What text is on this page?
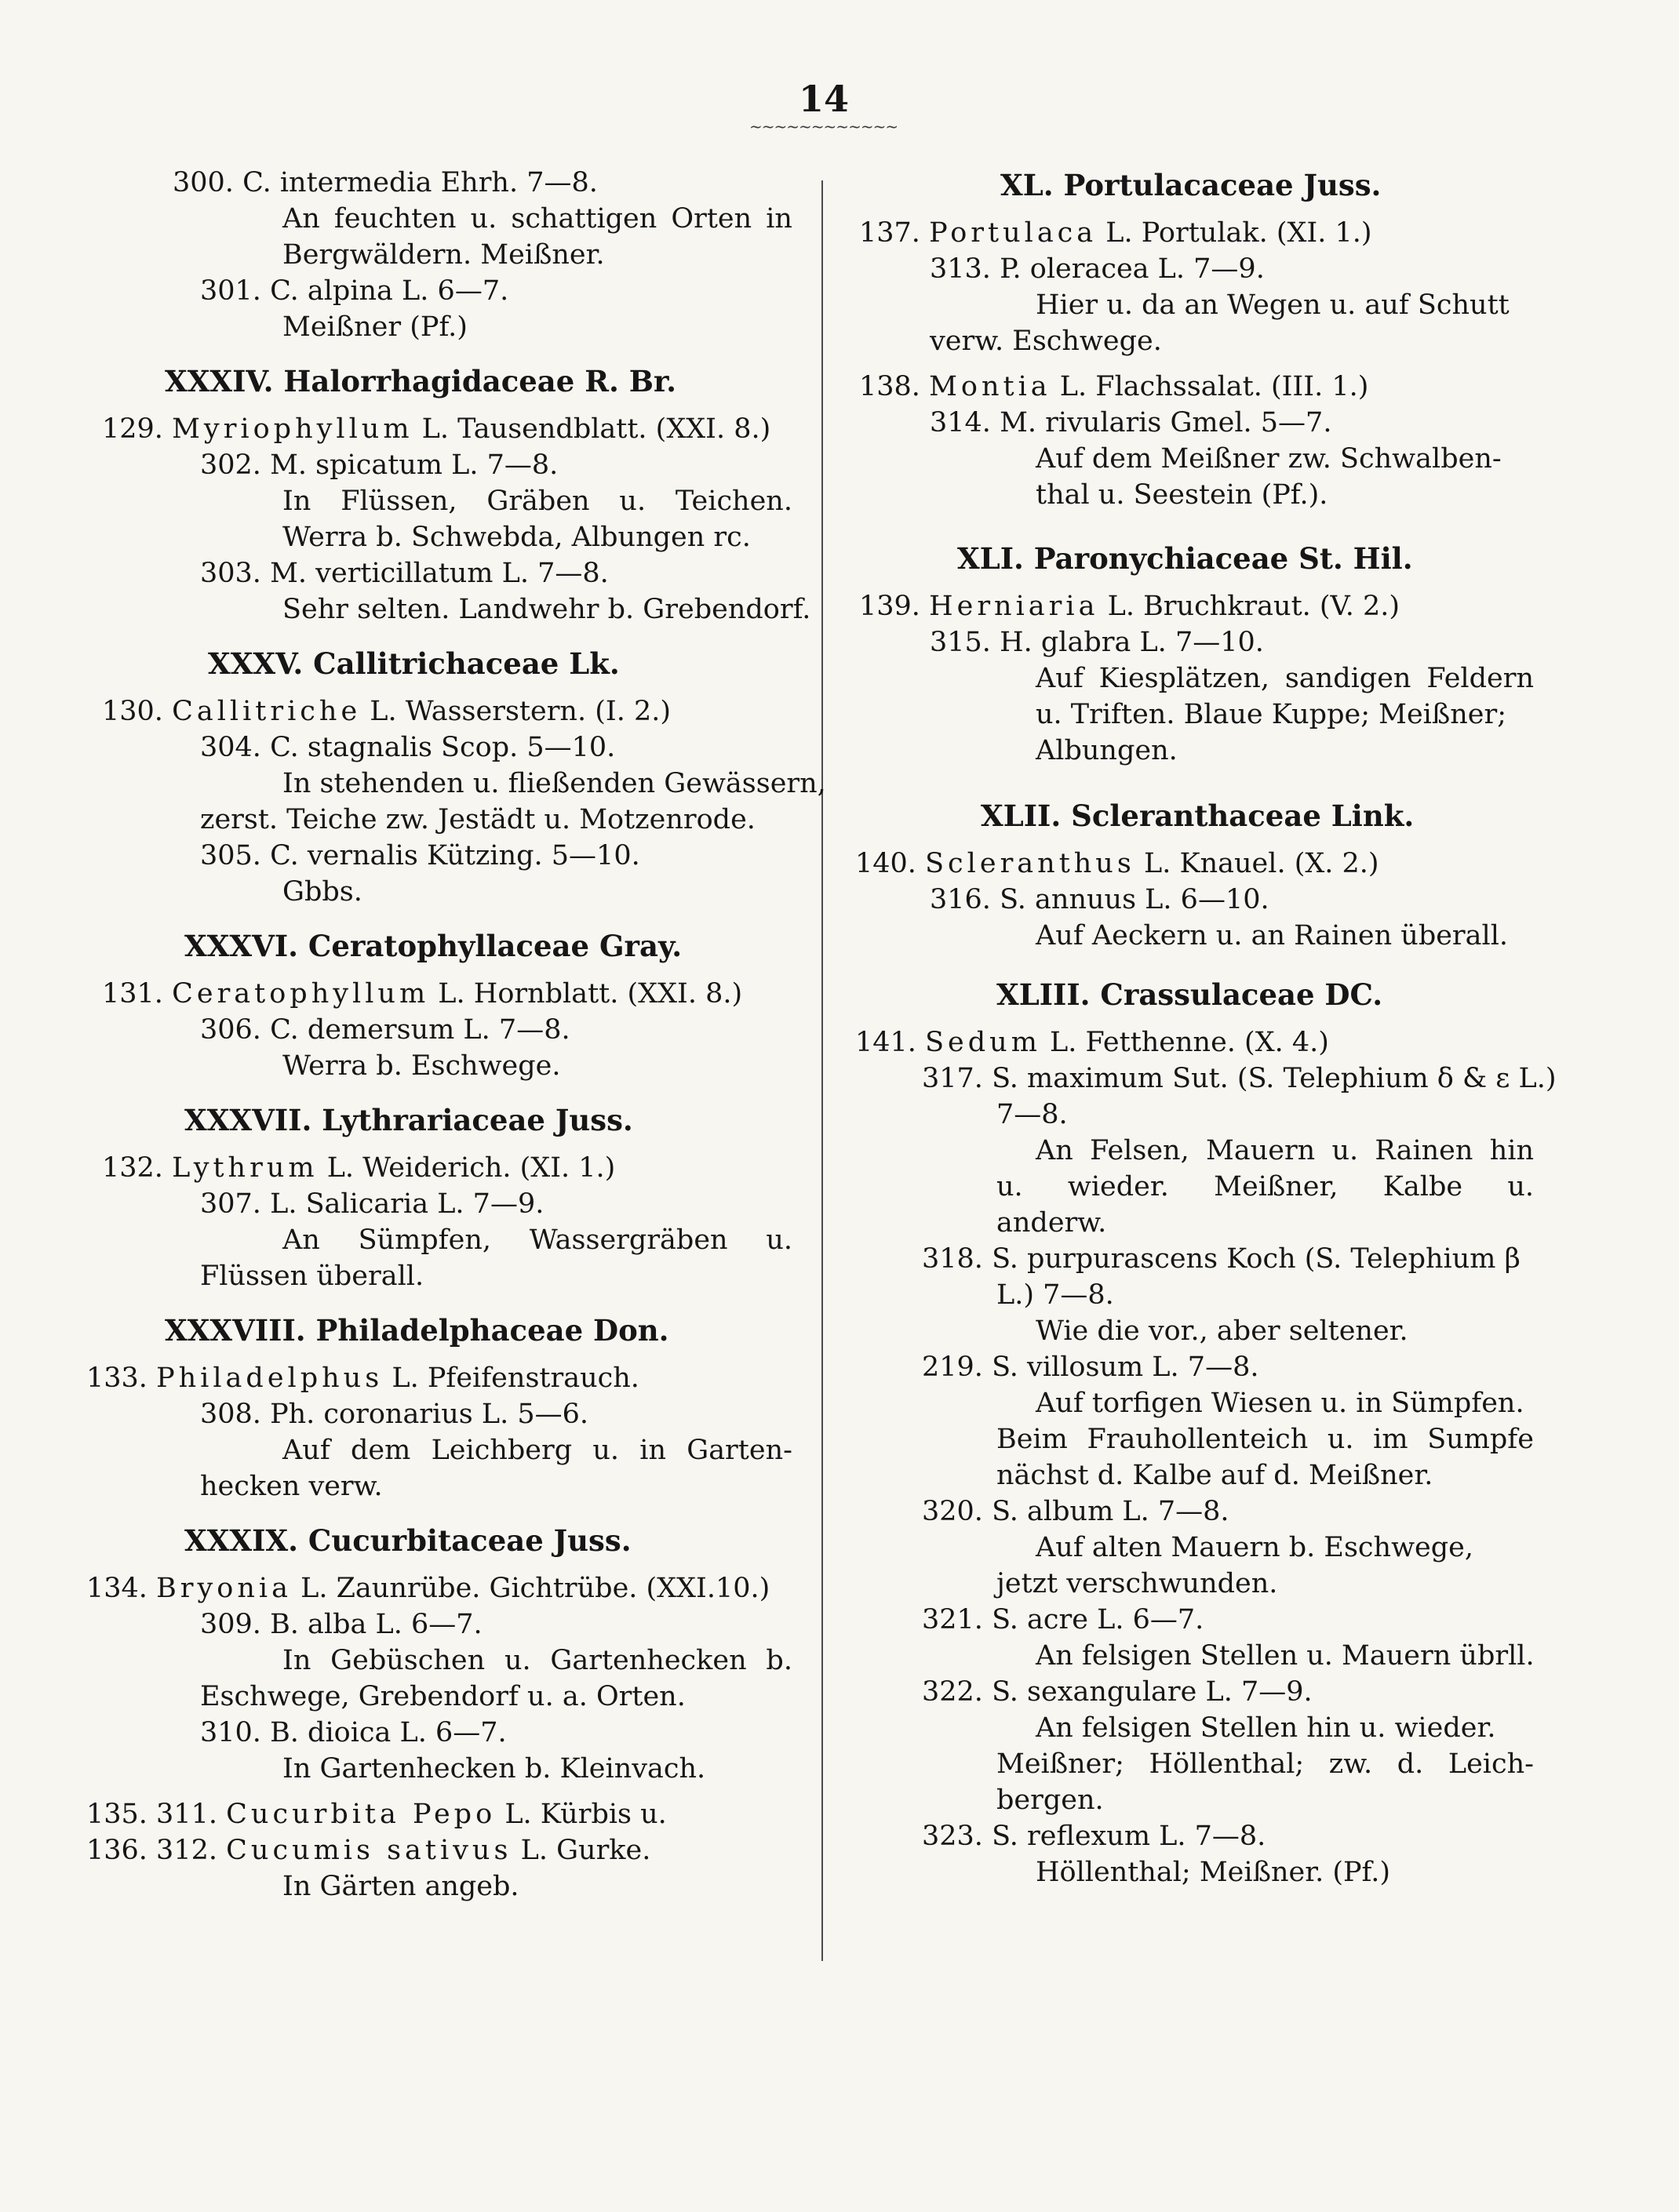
14
~~~~~~~~~~~~
300. C. intermedia Ehrh. 7—8.
An feuchten u. schattigen Orten in
Bergwäldern. Meißner.
301. C. alpina L. 6—7.
Meißner (Pf.)
XXXIV. Halorrhagidaceae R. Br.
129. Myriophyllum L. Tausendblatt. (XXI. 8.)
302. M. spicatum L. 7—8.
In Flüssen, Gräben u. Teichen.
Werra b. Schwebda, Albungen rc.
303. M. verticillatum L. 7—8.
Sehr selten. Landwehr b. Grebendorf.
XXXV. Callitrichaceae Lk.
130. Callitriche L. Wasserstern. (I. 2.)
304. C. stagnalis Scop. 5—10.
In stehenden u. fließenden Gewässern,
zerst. Teiche zw. Jestädt u. Motzenrode.
305. C. vernalis Kützing. 5—10.
Gbbs.
XXXVI. Ceratophyllaceae Gray.
131. Ceratophyllum L. Hornblatt. (XXI. 8.)
306. C. demersum L. 7—8.
Werra b. Eschwege.
XXXVII. Lythrariaceae Juss.
132. Lythrum L. Weiderich. (XI. 1.)
307. L. Salicaria L. 7—9.
An Sümpfen, Wassergräben u.
Flüssen überall.
XXXVIII. Philadelphaceae Don.
133. Philadelphus L. Pfeifenstrauch.
308. Ph. coronarius L. 5—6.
Auf dem Leichberg u. in Garten-
hecken verw.
XXXIX. Cucurbitaceae Juss.
134. Bryonia L. Zaunrübe. Gichtrübe. (XXI.10.)
309. B. alba L. 6—7.
In Gebüschen u. Gartenhecken b.
Eschwege, Grebendorf u. a. Orten.
310. B. dioica L. 6—7.
In Gartenhecken b. Kleinvach.
135. 311. Cucurbita Pepo L. Kürbis u.
136. 312. Cucumis sativus L. Gurke.
In Gärten angeb.
XL. Portulacaceae Juss.
137. Portulaca L. Portulak. (XI. 1.)
313. P. oleracea L. 7—9.
Hier u. da an Wegen u. auf Schutt
verw. Eschwege.
138. Montia L. Flachssalat. (III. 1.)
314. M. rivularis Gmel. 5—7.
Auf dem Meißner zw. Schwalben-
thal u. Seestein (Pf.).
XLI. Paronychiaceae St. Hil.
139. Herniaria L. Bruchkraut. (V. 2.)
315. H. glabra L. 7—10.
Auf Kiesplätzen, sandigen Feldern
u. Triften. Blaue Kuppe; Meißner;
Albungen.
XLII. Scleranthaceae Link.
140. Scleranthus L. Knauel. (X. 2.)
316. S. annuus L. 6—10.
Auf Aeckern u. an Rainen überall.
XLIII. Crassulaceae DC.
141. Sedum L. Fetthenne. (X. 4.)
317. S. maximum Sut. (S. Telephium δ & ε L.)
7—8.
An Felsen, Mauern u. Rainen hin
u. wieder. Meißner, Kalbe u.
anderw.
318. S. purpurascens Koch (S. Telephium β
L.) 7—8.
Wie die vor., aber seltener.
219. S. villosum L. 7—8.
Auf torfigen Wiesen u. in Sümpfen.
Beim Frauhollenteich u. im Sumpfe
nächst d. Kalbe auf d. Meißner.
320. S. album L. 7—8.
Auf alten Mauern b. Eschwege,
jetzt verschwunden.
321. S. acre L. 6—7.
An felsigen Stellen u. Mauern übrll.
322. S. sexangulare L. 7—9.
An felsigen Stellen hin u. wieder.
Meißner; Höllenthal; zw. d. Leich-
bergen.
323. S. reflexum L. 7—8.
Höllenthal; Meißner. (Pf.)
